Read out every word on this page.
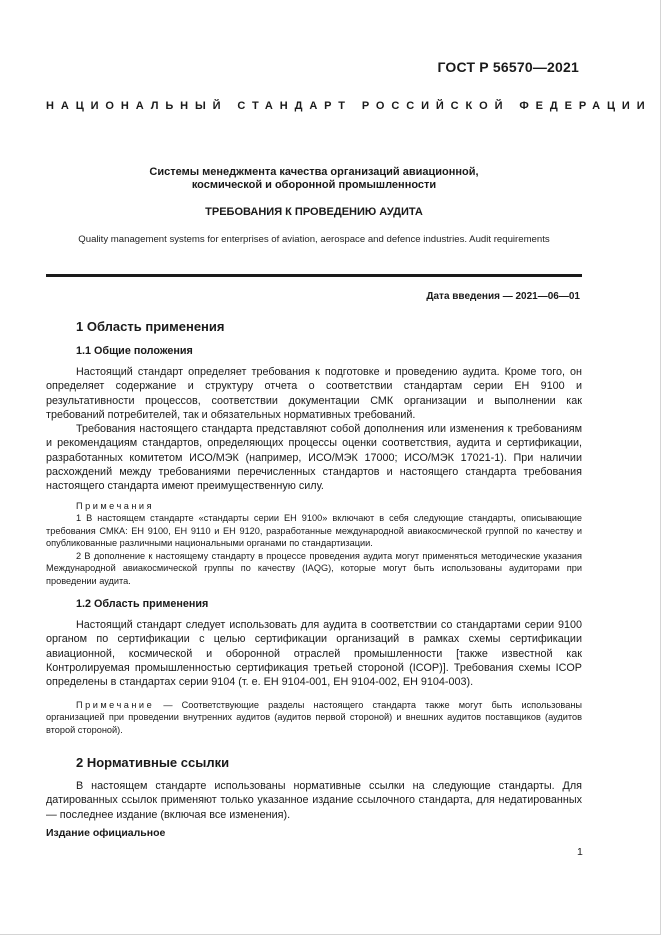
ГОСТ Р 56570—2021
НАЦИОНАЛЬНЫЙ СТАНДАРТ РОССИЙСКОЙ ФЕДЕРАЦИИ
Системы менеджмента качества организаций авиационной,
космической и оборонной промышленности
ТРЕБОВАНИЯ К ПРОВЕДЕНИЮ АУДИТА
Quality management systems for enterprises of aviation, aerospace and defence industries. Audit requirements
Дата введения — 2021—06—01
1 Область применения
1.1 Общие положения

Настоящий стандарт определяет требования к подготовке и проведению аудита. Кроме того, он определяет содержание и структуру отчета о соответствии стандартам серии ЕН 9100 и результативности процессов, соответствии документации СМК организации и выполнении как требований потребителей, так и обязательных нормативных требований.

Требования настоящего стандарта представляют собой дополнения или изменения к требованиям и рекомендациям стандартов, определяющих процессы оценки соответствия, аудита и сертификации, разработанных комитетом ИСО/МЭК (например, ИСО/МЭК 17000; ИСО/МЭК 17021-1). При наличии расхождений между требованиями перечисленных стандартов и настоящего стандарта требования настоящего стандарта имеют преимущественную силу.

Примечания

1 В настоящем стандарте «стандарты серии ЕН 9100» включают в себя следующие стандарты, описывающие требования СМКА: ЕН 9100, ЕН 9110 и ЕН 9120, разработанные международной авиакосмической группой по качеству и опубликованные различными национальными органами по стандартизации.

2 В дополнение к настоящему стандарту в процессе проведения аудита могут применяться методические указания Международной авиакосмической группы по качеству (IAQG), которые могут быть использованы аудиторами при проведении аудита.

1.2 Область применения

Настоящий стандарт следует использовать для аудита в соответствии со стандартами серии 9100 органом по сертификации с целью сертификации организаций в рамках схемы сертификации авиационной, космической и оборонной отраслей промышленности [также известной как Контролируемая промышленностью сертификация третьей стороной (ICOP)]. Требования схемы ICOP определены в стандартах серии 9104 (т. е. ЕН 9104-001, ЕН 9104-002, ЕН 9104-003).

Примечание — Соответствующие разделы настоящего стандарта также могут быть использованы организацией при проведении внутренних аудитов (аудитов первой стороной) и внешних аудитов поставщиков (аудитов второй стороной).

2 Нормативные ссылки

В настоящем стандарте использованы нормативные ссылки на следующие стандарты. Для датированных ссылок применяют только указанное издание ссылочного стандарта, для недатированных — последнее издание (включая все изменения).

Издание официальное
1
